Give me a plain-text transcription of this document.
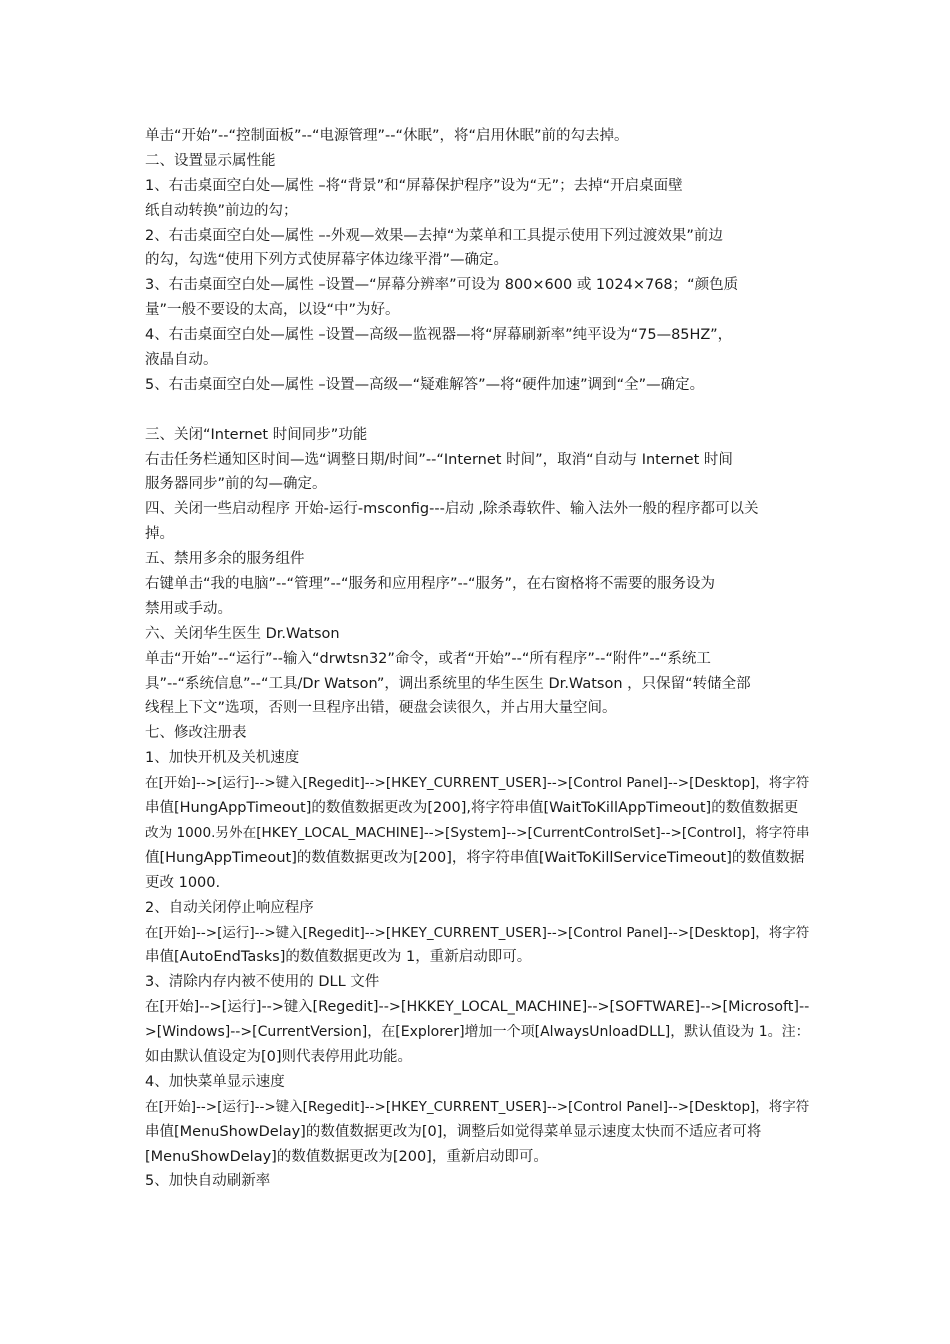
单击“开始”--“控制面板”--“电源管理”--“休眠”，将“启用休眠”前的勾去掉。
二、设置显示属性能
1、右击桌面空白处—属性 –将“背景”和“屏幕保护程序”设为“无”；去掉“开启桌面壁
纸自动转换”前边的勾；
2、右击桌面空白处—属性 –-外观—效果—去掉“为菜单和工具提示使用下列过渡效果”前边
的勾，勾选“使用下列方式使屏幕字体边缘平滑”—确定。
3、右击桌面空白处—属性 –设置—“屏幕分辨率”可设为 800×600 或 1024×768；“颜色质
量”一般不要设的太高，以设“中”为好。
4、右击桌面空白处—属性 –设置—高级—监视器—将“屏幕刷新率”纯平设为“75—85HZ”，
液晶自动。
5、右击桌面空白处—属性 –设置—高级—“疑难解答”—将“硬件加速”调到“全”—确定。
三、关闭“Internet 时间同步”功能
右击任务栏通知区时间—选“调整日期/时间”--“Internet 时间”，取消“自动与 Internet 时间
服务器同步”前的勾—确定。
四、关闭一些启动程序 开始-运行-msconfig---启动 ,除杀毒软件、输入法外一般的程序都可以关
掉。
五、禁用多余的服务组件
右键单击“我的电脑”--“管理”--“服务和应用程序”--“服务”，在右窗格将不需要的服务设为
禁用或手动。
六、关闭华生医生 Dr.Watson
单击“开始”--“运行”--输入“drwtsn32”命令，或者“开始”--“所有程序”--“附件”--“系统工
具”--“系统信息”--“工具/Dr Watson”，调出系统里的华生医生 Dr.Watson ，只保留“转储全部
线程上下文”选项，否则一旦程序出错，硬盘会读很久，并占用大量空间。
七、修改注册表
1、加快开机及关机速度
在[开始]-->[运行]-->键入[Regedit]-->[HKEY_CURRENT_USER]-->[Control Panel]-->[Desktop]，将字符
串值[HungAppTimeout]的数值数据更改为[200],将字符串值[WaitToKillAppTimeout]的数值数据更
改为 1000.另外在[HKEY_LOCAL_MACHINE]-->[System]-->[CurrentControlSet]-->[Control]，将字符串
值[HungAppTimeout]的数值数据更改为[200]，将字符串值[WaitToKillServiceTimeout]的数值数据
更改 1000.
2、自动关闭停止响应程序
在[开始]-->[运行]-->键入[Regedit]-->[HKEY_CURRENT_USER]-->[Control Panel]-->[Desktop]，将字符
串值[AutoEndTasks]的数值数据更改为 1，重新启动即可。
3、清除内存内被不使用的 DLL 文件
在[开始]-->[运行]-->键入[Regedit]-->[HKKEY_LOCAL_MACHINE]-->[SOFTWARE]-->[Microsoft]--
>[Windows]-->[CurrentVersion]，在[Explorer]增加一个项[AlwaysUnloadDLL]，默认值设为 1。注：
如由默认值设定为[0]则代表停用此功能。
4、加快菜单显示速度
在[开始]-->[运行]-->键入[Regedit]-->[HKEY_CURRENT_USER]-->[Control Panel]-->[Desktop]，将字符
串值[MenuShowDelay]的数值数据更改为[0]，调整后如觉得菜单显示速度太快而不适应者可将
[MenuShowDelay]的数值数据更改为[200]，重新启动即可。
5、加快自动刷新率
